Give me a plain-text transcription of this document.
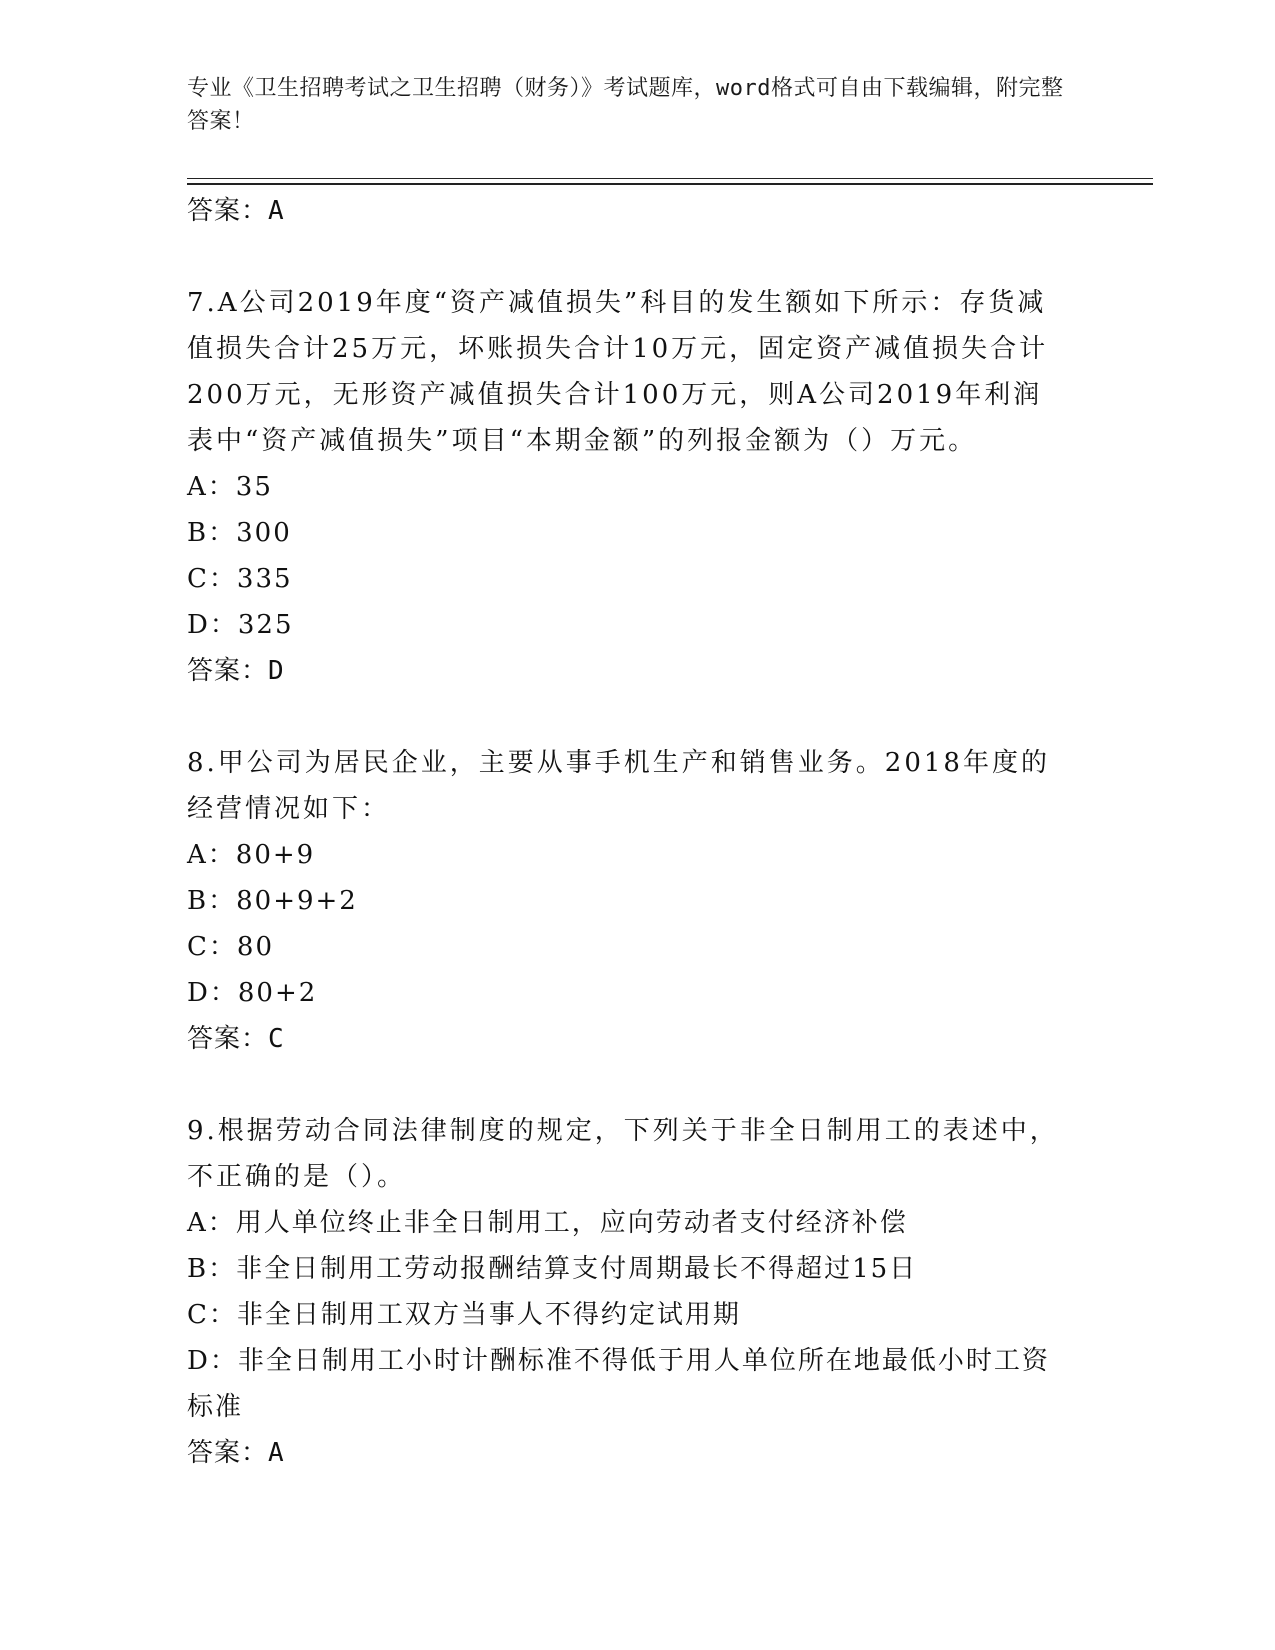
专业《卫生招聘考试之卫生招聘（财务）》考试题库，word格式可自由下载编辑，附完整答案！
答案：A
7.A公司2019年度“资产减值损失”科目的发生额如下所示：存货减值损失合计25万元，坏账损失合计10万元，固定资产减值损失合计200万元，无形资产减值损失合计100万元，则A公司2019年利润表中“资产减值损失”项目“本期金额”的列报金额为（）万元。
A：35
B：300
C：335
D：325
答案：D
8.甲公司为居民企业，主要从事手机生产和销售业务。2018年度的经营情况如下：
A：80+9
B：80+9+2
C：80
D：80+2
答案：C
9.根据劳动合同法律制度的规定，下列关于非全日制用工的表述中，不正确的是（）。
A：用人单位终止非全日制用工，应向劳动者支付经济补偿
B：非全日制用工劳动报酬结算支付周期最长不得超过15日
C：非全日制用工双方当事人不得约定试用期
D：非全日制用工小时计酬标准不得低于用人单位所在地最低小时工资标准
答案：A
